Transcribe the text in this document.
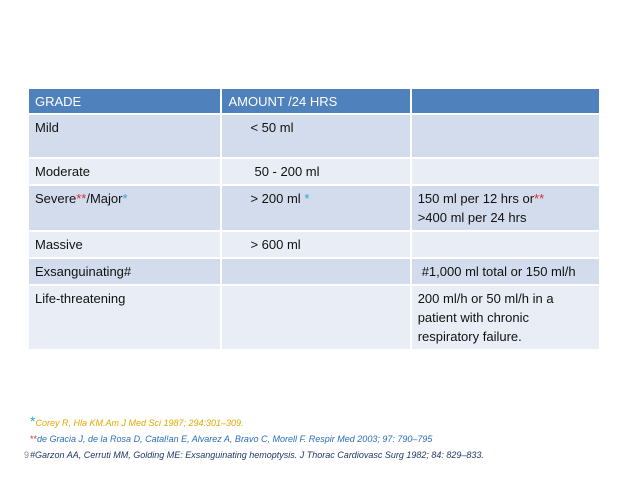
GRADE	AMOUNT /24 HRS	
Mild	< 50 ml	
Moderate	50 - 200 ml	
Severe**/Major*	> 200 ml *	150 ml per 12 hrs or**
>400 ml per 24 hrs
Massive	> 600 ml	
Exsanguinating#		#1,000 ml total or 150 ml/h
Life-threatening		200 ml/h or 50 ml/h in a patient with chronic respiratory failure.
*Corey R, Hla KM.Am J Med Sci 1987; 294:301–309.
**de Gracia J, de la Rosa D, Catal!an E, Alvarez A, Bravo C, Morell F. Respir Med 2003; 97: 790–795
9#Garzon AA, Cerruti MM, Golding ME: Exsanguinating hemoptysis. J Thorac Cardiovasc Surg 1982; 84: 829–833.
